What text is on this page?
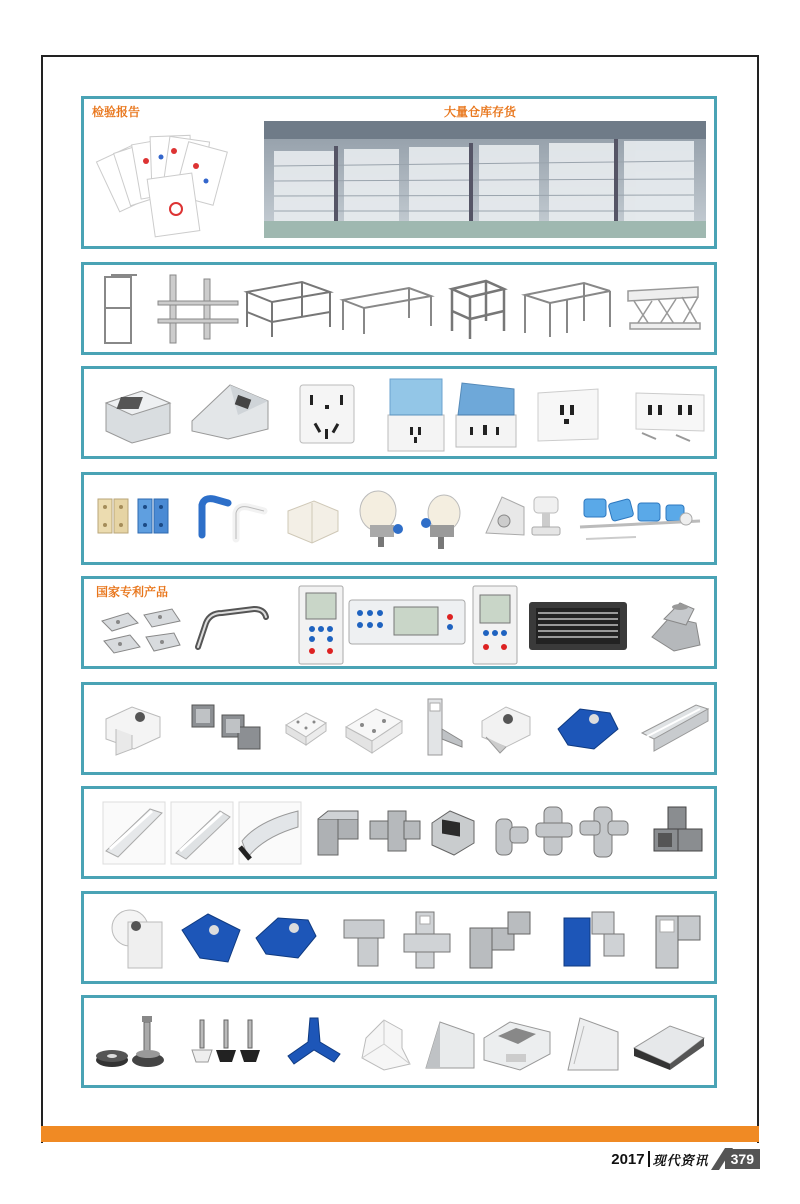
检验报告	大量仓库存货
国家专利产品
2017 现代资讯	379
